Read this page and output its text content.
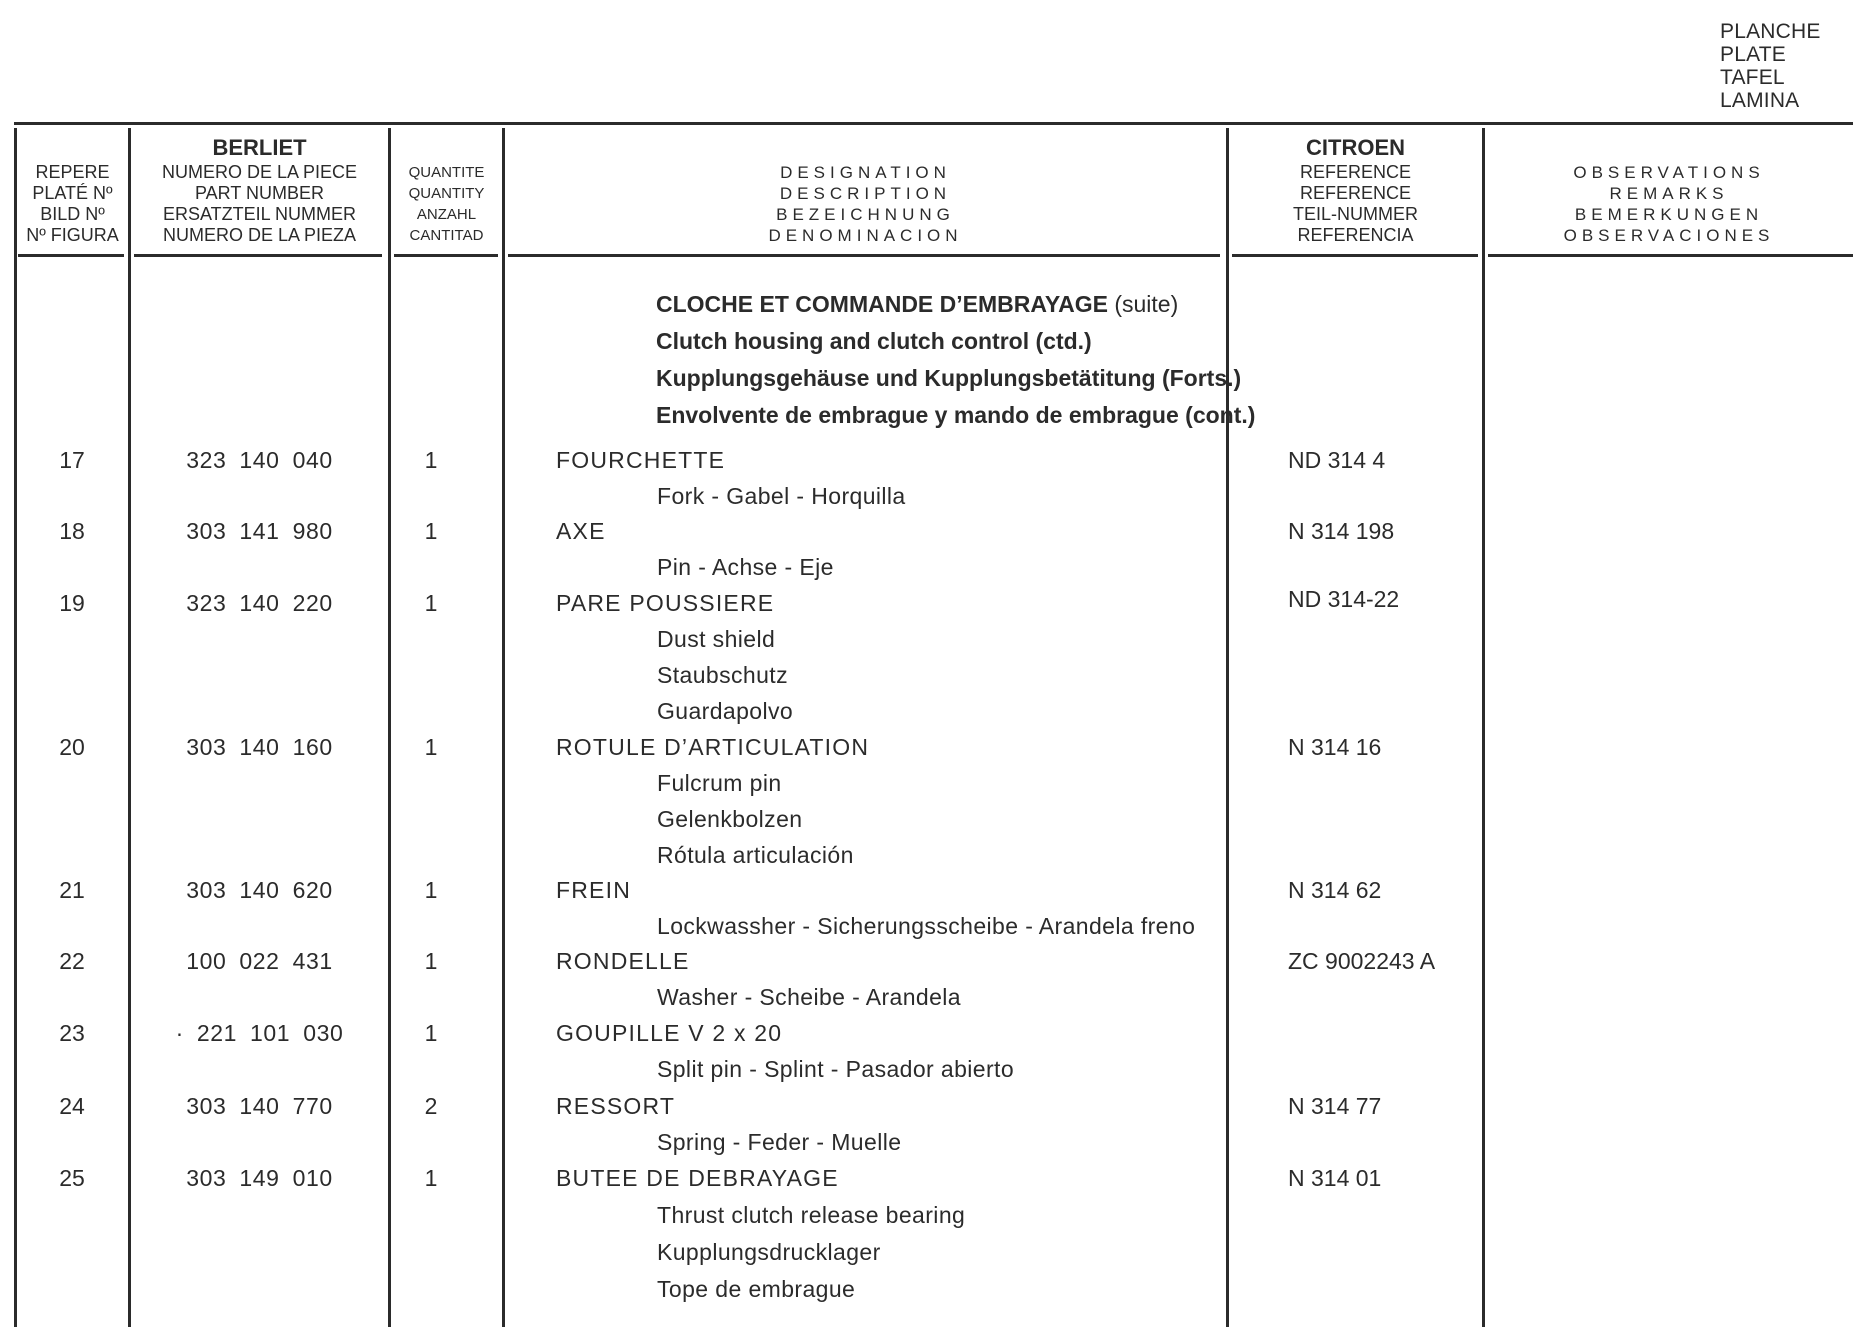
PLANCHE
PLATE
TAFEL
LAMINA
REPERE
PLATÉ Nº
BILD Nº
Nº FIGURA
BERLIET
NUMERO DE LA PIECE
PART NUMBER
ERSATZTEIL NUMMER
NUMERO DE LA PIEZA
QUANTITE
QUANTITY
ANZAHL
CANTITAD
DESIGNATION
DESCRIPTION
BEZEICHNUNG
DENOMINACION
CITROEN
REFERENCE
REFERENCE
TEIL-NUMMER
REFERENCIA
OBSERVATIONS
REMARKS
BEMERKUNGEN
OBSERVACIONES
CLOCHE ET COMMANDE D’EMBRAYAGE (suite)
Clutch housing and clutch control (ctd.)
Kupplungsgehäuse und Kupplungsbetätitung (Forts.)
Envolvente de embrague y mando de embrague (cont.)
17	323 140 040	1	FOURCHETTE	ND 314 4
Fork - Gabel - Horquilla
18	303 141 980	1	AXE	N 314 198
Pin - Achse - Eje
19	323 140 220	1	PARE POUSSIERE	ND 314-22
Dust shield
Staubschutz
Guardapolvo
20	303 140 160	1	ROTULE D’ARTICULATION	N 314 16
Fulcrum pin
Gelenkbolzen
Rótula articulación
21	303 140 620	1	FREIN	N 314 62
Lockwassher - Sicherungsscheibe - Arandela freno
22	100 022 431	1	RONDELLE	ZC 9002243 A
Washer - Scheibe - Arandela
23	· 221 101 030	1	GOUPILLE V 2 x 20
Split pin - Splint - Pasador abierto
24	303 140 770	2	RESSORT	N 314 77
Spring - Feder - Muelle
25	303 149 010	1	BUTEE DE DEBRAYAGE	N 314 01
Thrust clutch release bearing
Kupplungsdrucklager
Tope de embrague
